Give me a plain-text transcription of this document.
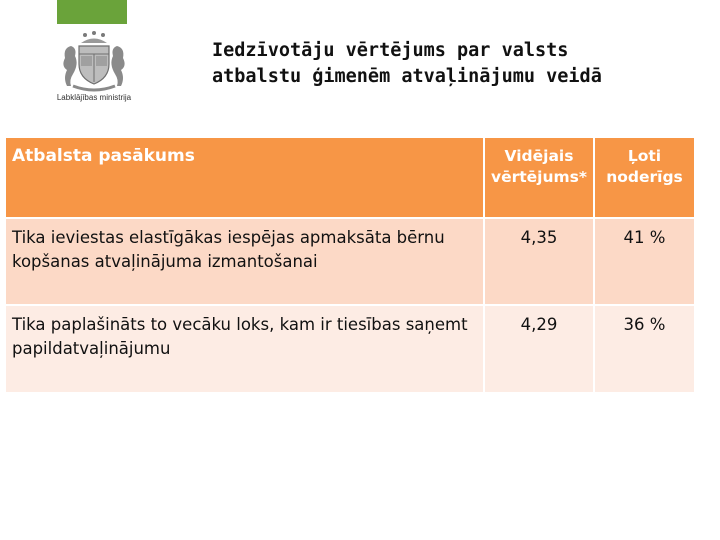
Labklājības ministrija
Iedzīvotāju vērtējums par valsts
atbalstu ģimenēm atvaļinājumu veidā
Atbalsta pasākums	Vidējais vērtējums*	Ļoti noderīgs
Tika ieviestas elastīgākas iespējas apmaksāta bērnu kopšanas atvaļinājuma izmantošanai	4,35	41 %
Tika paplašināts to vecāku loks, kam ir tiesības saņemt papildatvaļinājumu	4,29	36 %
